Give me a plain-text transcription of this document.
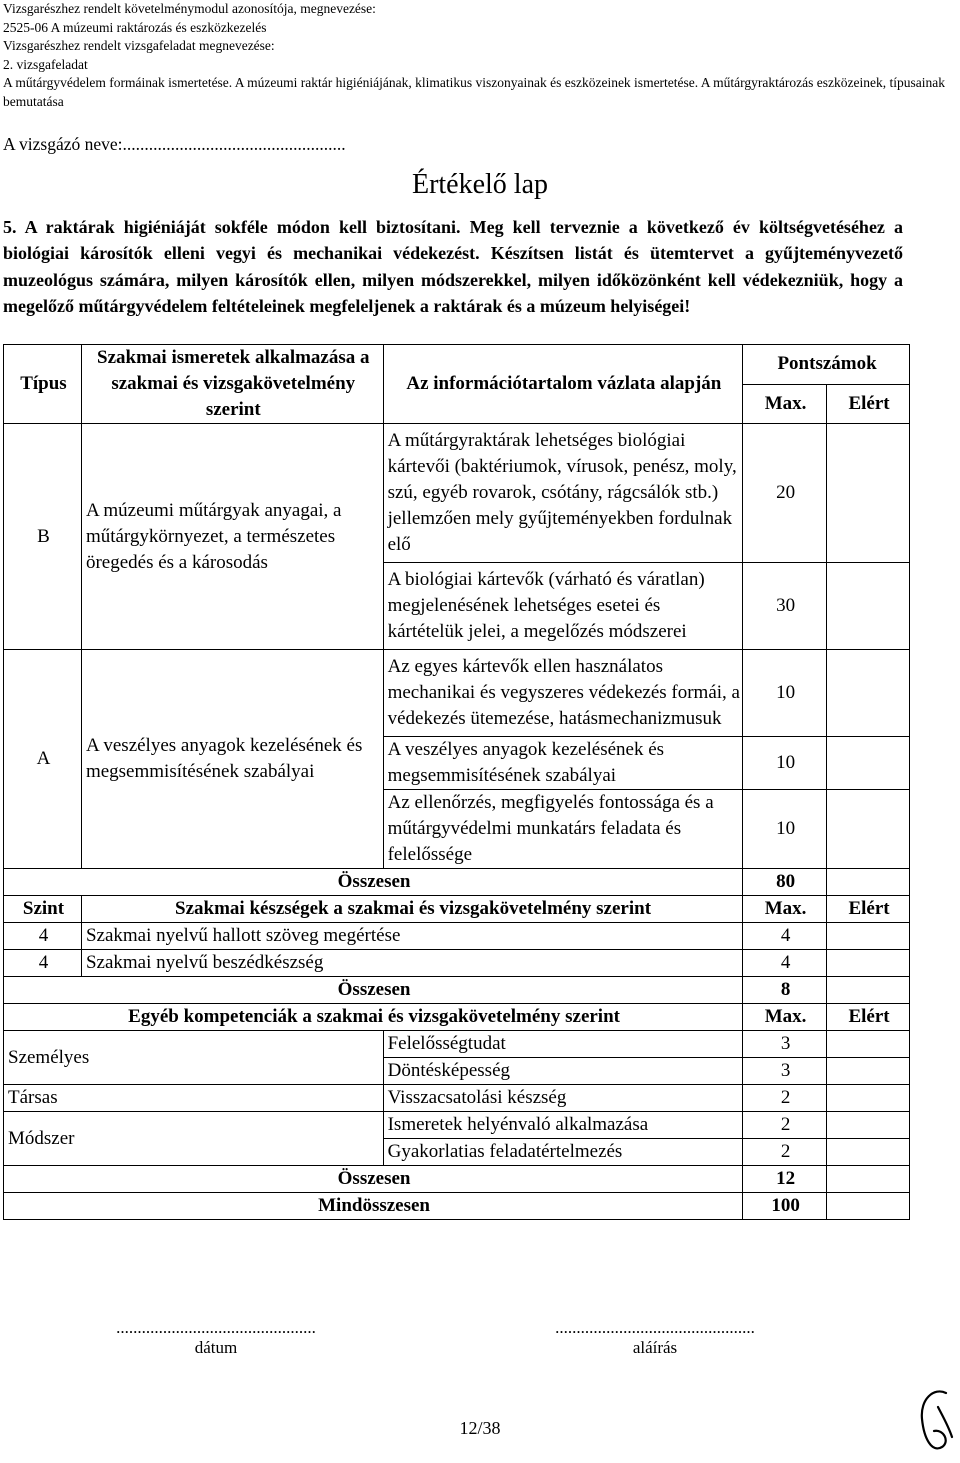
Vizsgarészhez rendelt követelménymodul azonosítója, megnevezése:
2525-06 A múzeumi raktározás és eszközkezelés
Vizsgarészhez rendelt vizsgafeladat megnevezése:
2. vizsgafeladat
A műtárgyvédelem formáinak ismertetése. A múzeumi raktár higiéniájának, klimatikus viszonyainak és eszközeinek ismertetése. A műtárgyraktározás eszközeinek, típusainak bemutatása
A vizsgázó neve:...................................................
Értékelő lap
5. A raktárak higiéniáját sokféle módon kell biztosítani. Meg kell terveznie a következő év költségvetéséhez a biológiai károsítók elleni vegyi és mechanikai védekezést. Készítsen listát és ütemtervet a gyűjteményvezető muzeológus számára, milyen károsítók ellen, milyen módszerekkel, milyen időközönként kell védekezniük, hogy a megelőző műtárgyvédelem feltételeinek megfeleljenek a raktárak és a múzeum helyiségei!
Típus	Szakmai ismeretek alkalmazása a szakmai és vizsgakövetelmény szerint	Az információtartalom vázlata alapján	Pontszámok	
			Max.	Elért
B	A múzeumi műtárgyak anyagai, a műtárgykörnyezet, a természetes öregedés és a károsodás	A műtárgyraktárak lehetséges biológiai kártevői (baktériumok, vírusok, penész, moly, szú, egyéb rovarok, csótány, rágcsálók stb.) jellemzően mely gyűjteményekben fordulnak elő	20	
		A biológiai kártevők (várható és váratlan) megjelenésének lehetséges esetei és kártételük jelei, a megelőzés módszerei	30	
A	A veszélyes anyagok kezelésének és megsemmisítésének szabályai	Az egyes kártevők ellen használatos mechanikai és vegyszeres védekezés formái, a védekezés ütemezése, hatásmechanizmusuk	10	
		A veszélyes anyagok kezelésének és megsemmisítésének szabályai	10	
		Az ellenőrzés, megfigyelés fontossága és a műtárgyvédelmi munkatárs feladata és felelőssége	10	
Összesen			80	
Szint	Szakmai készségek a szakmai és vizsgakövetelmény szerint		Max.	Elért
4	Szakmai nyelvű hallott szöveg megértése		4	
4	Szakmai nyelvű beszédkészség		4	
Összesen			8	
Egyéb kompetenciák a szakmai és vizsgakövetelmény szerint			Max.	Elért
Személyes		Felelősségtudat	3	
		Döntésképesség	3	
Társas		Visszacsatolási készség	2	
Módszer		Ismeretek helyénvaló alkalmazása	2	
		Gyakorlatias feladatértelmezés	2	
Összesen			12	
Mindösszesen			100	
...............................................
dátum
...............................................
aláírás
12/38
